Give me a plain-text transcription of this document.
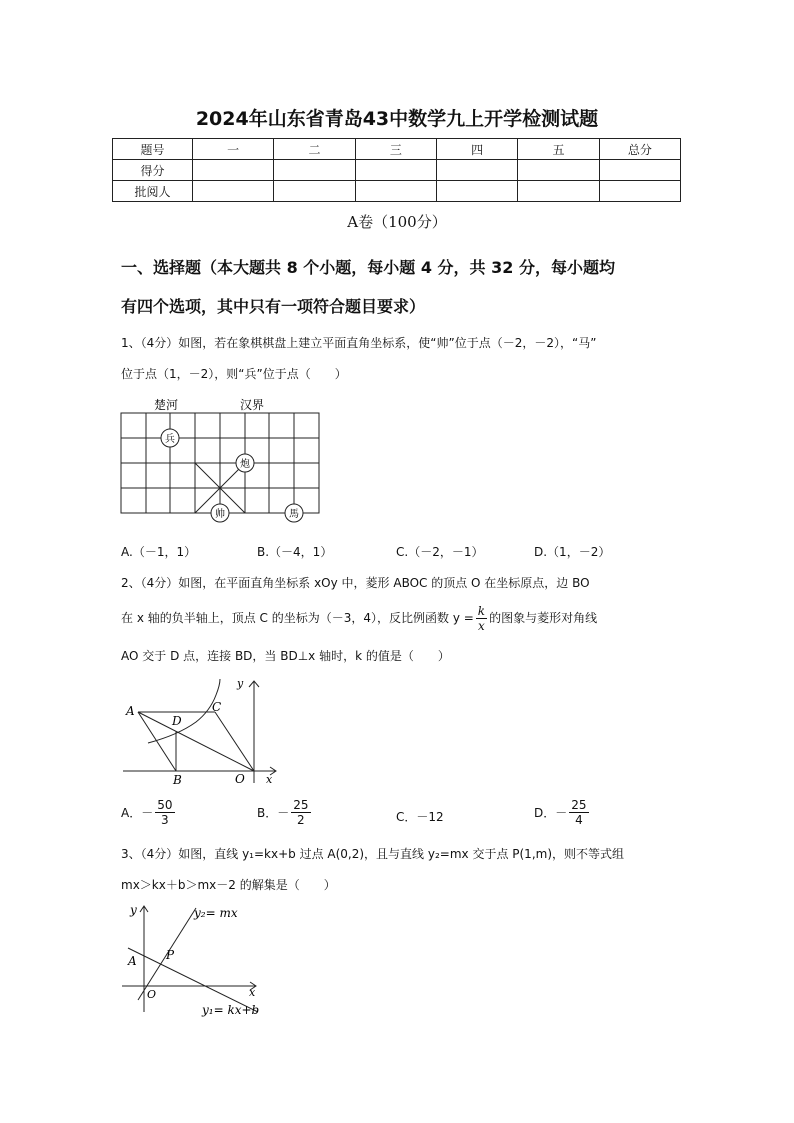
2024年山东省青岛43中数学九上开学检测试题
题号	一	二	三	四	五	总分
得分						
批阅人						
A卷（100分）
一、选择题（本大题共 8 个小题，每小题 4 分，共 32 分，每小题均
有四个选项，其中只有一项符合题目要求）
1、（4分）如图，若在象棋棋盘上建立平面直角坐标系，使“帅”位于点（－2，－2），“马”
位于点（1，－2），则“兵”位于点（　　）
楚河	汉界
兵
炮
帅	馬
A.（－1，1）	B.（－4，1）	C.（－2，－1）	D.（1，－2）
2、（4分）如图，在平面直角坐标系 xOy 中，菱形 ABOC 的顶点 O 在坐标原点，边 BO
在 x 轴的负半轴上，顶点 C 的坐标为（－3，4），反比例函数 $y = \frac{k}{x}$ 的图象与菱形对角线
AO 交于 D 点，连接 BD，当 BD⊥x 轴时，k 的值是（　　）
A
D
C
B	O x
y
A．－ $\frac{50}{3}$	B．－ $\frac{25}{2}$	C．－12	D．－ $\frac{25}{4}$
3、（4分）如图，直线 y₁=kx+b 过点 A(0,2)，且与直线 y₂=mx 交于点 P(1,m)，则不等式组
mx＞kx＋b＞mx－2 的解集是（　　）
y
x
O
A P
y₂= mx
y₁= kx+b
